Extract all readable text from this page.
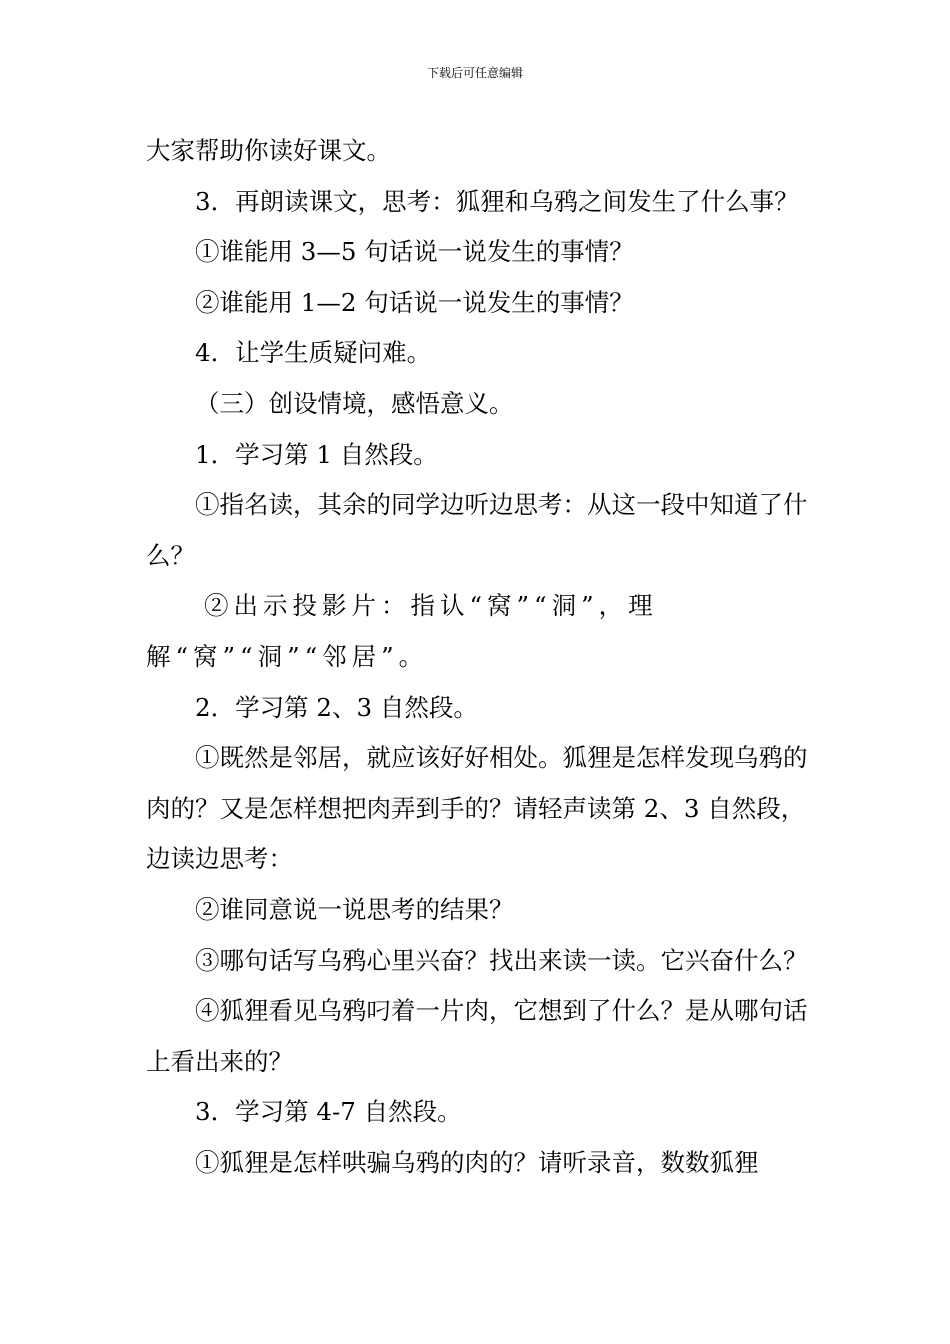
下载后可任意编辑

大家帮助你读好课文。

3．再朗读课文，思考：狐狸和乌鸦之间发生了什么事？

①谁能用 3—5 句话说一说发生的事情？

②谁能用 1—2 句话说一说发生的事情？

4．让学生质疑问难。

（三）创设情境，感悟意义。

1．学习第 1 自然段。

①指名读，其余的同学边听边思考：从这一段中知道了什么？

②出示投影片：指认“窝”“洞”，理解“窝”“洞”“邻居”。

2．学习第 2、3 自然段。

①既然是邻居，就应该好好相处。狐狸是怎样发现乌鸦的肉的？又是怎样想把肉弄到手的？请轻声读第 2、3 自然段，边读边思考：

②谁同意说一说思考的结果？

③哪句话写乌鸦心里兴奋？找出来读一读。它兴奋什么？

④狐狸看见乌鸦叼着一片肉，它想到了什么？是从哪句话上看出来的？

3．学习第 4-7 自然段。

①狐狸是怎样哄骗乌鸦的肉的？请听录音，数数狐狸
